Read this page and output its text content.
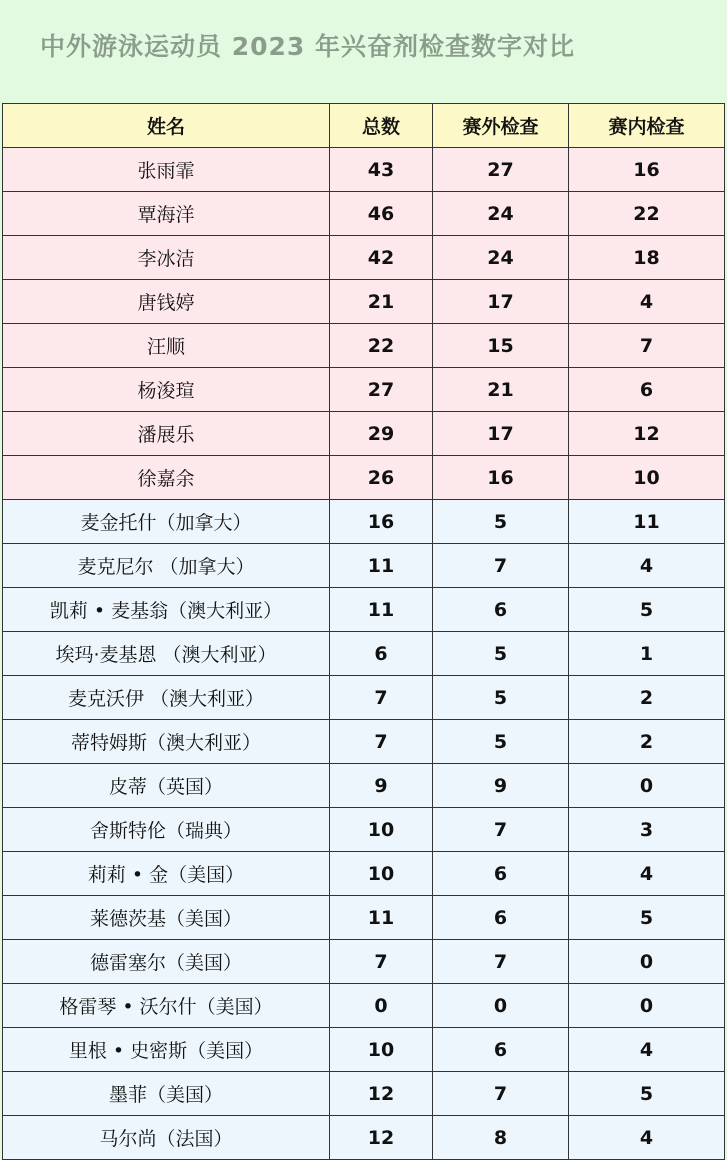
中外游泳运动员 2023 年兴奋剂检查数字对比
姓名	总数	赛外检查	赛内检查
张雨霏	43	27	16
覃海洋	46	24	22
李冰洁	42	24	18
唐钱婷	21	17	4
汪顺	22	15	7
杨浚瑄	27	21	6
潘展乐	29	17	12
徐嘉余	26	16	10
麦金托什（加拿大）	16	5	11
麦克尼尔 （加拿大）	11	7	4
凯莉 • 麦基翁（澳大利亚）	11	6	5
埃玛·麦基恩 （澳大利亚）	6	5	1
麦克沃伊 （澳大利亚）	7	5	2
蒂特姆斯（澳大利亚）	7	5	2
皮蒂（英国）	9	9	0
舍斯特伦（瑞典）	10	7	3
莉莉 • 金（美国）	10	6	4
莱德茨基（美国）	11	6	5
德雷塞尔（美国）	7	7	0
格雷琴 • 沃尔什（美国）	0	0	0
里根 • 史密斯（美国）	10	6	4
墨菲（美国）	12	7	5
马尔尚（法国）	12	8	4
